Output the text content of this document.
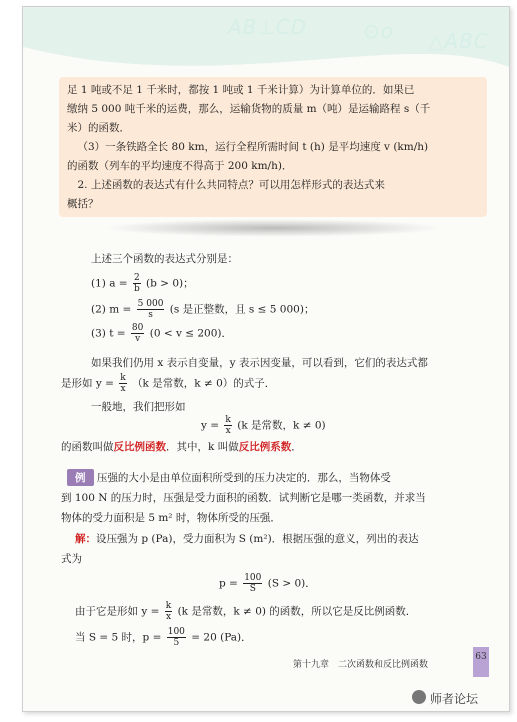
AB⊥CD	⊙o △ABC

足 1 吨或不足 1 千米时，都按 1 吨或 1 千米计算）为计算单位的．如果已

缴纳 5 000 吨千米的运费，那么，运输货物的质量 m（吨）是运输路程 s（千

米）的函数．

（3）一条铁路全长 80 km，运行全程所需时间 t (h) 是平均速度 v (km/h)

的函数（列车的平均速度不得高于 200 km/h)．

2. 上述函数的表达式有什么共同特点？可以用怎样形式的表达式来

概括？

上述三个函数的表达式分别是：
(1) $a = \frac{2}{b} (b > 0)$；
(2) $m = \frac{5 000}{s} (s$ 是正整数，且 s ≤ 5 000)；
(3) $t = \frac{80}{v} (0 < v \le 200)$．
如果我们仍用 x 表示自变量，y 表示因变量，可以看到，它们的表达式都
是形如 $y = \frac{k}{x} (k$ 是常数，k ≠ 0）的式子．
一般地，我们把形如
$y = \frac{k}{x} (k$ 是常数，k ≠ 0)
的函数叫做反比例函数．其中，k 叫做反比例系数．
例 压强的大小是由单位面积所受到的压力决定的．那么，当物体受
到 100 N 的压力时，压强是受力面积的函数．试判断它是哪一类函数，并求当
物体的受力面积是 5 m² 时，物体所受的压强．
解：设压强为 p (Pa)，受力面积为 S (m²)．根据压强的意义，列出的表达
式为
$p = \frac{100}{S} (S > 0)$．
由于它是形如 $y = \frac{k}{x} (k$ 是常数，k ≠ 0) 的函数，所以它是反比例函数．
当 S = 5 时，$p = \frac{100}{5} = 20$ (Pa)．
第十九章　二次函数和反比例函数
63
师者论坛
